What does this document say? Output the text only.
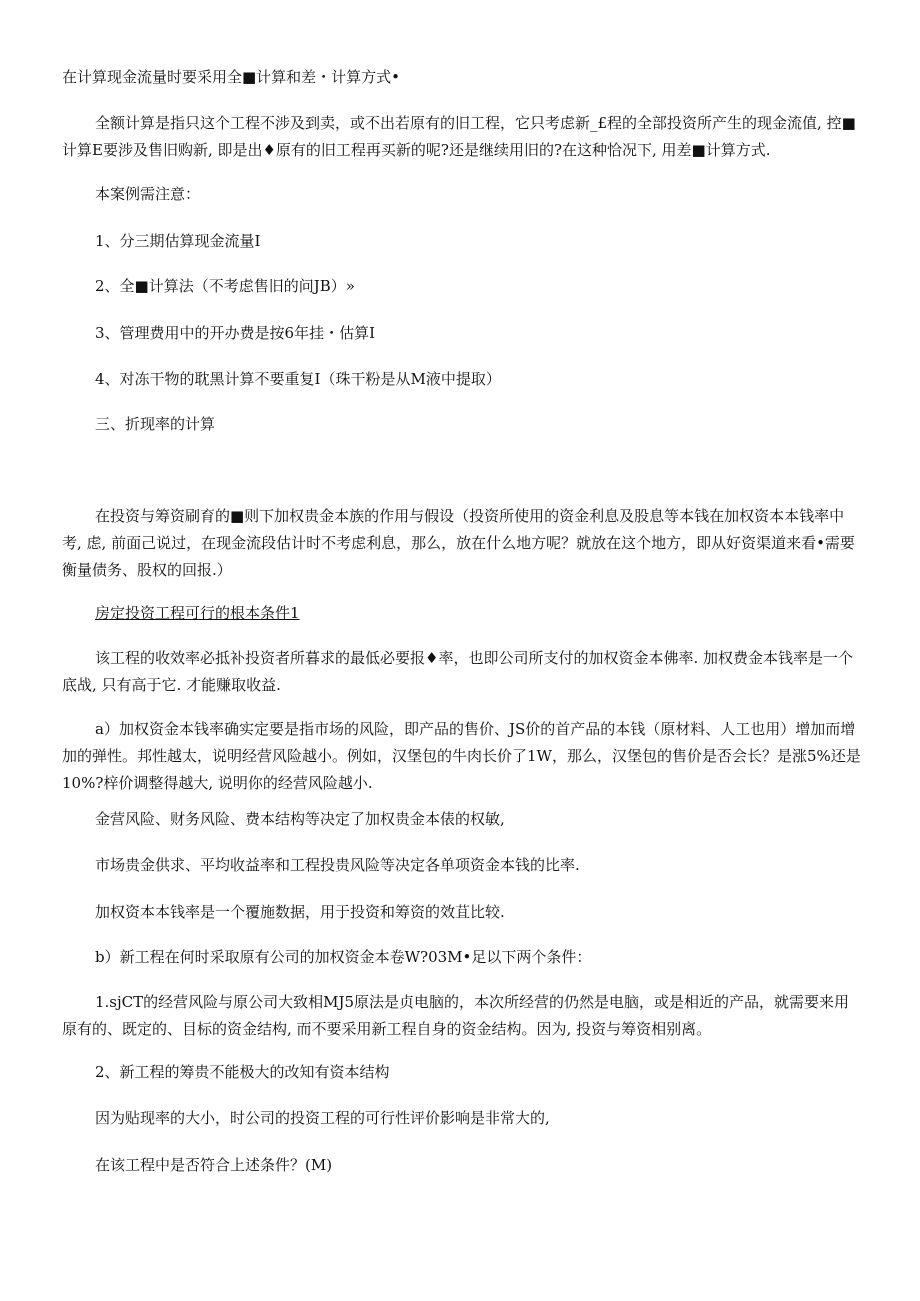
在计算现金流量时要采用全■计算和差・计算方式•

全额计算是指只这个工程不涉及到卖，或不出若原有的旧工程，它只考虑新_£程的全部投资所产生的现金流值, 控■计算E要涉及售旧购新, 即是出♦原有的旧工程再买新的呢?还是继续用旧的?在这种恰况下, 用差■计算方式.

本案例需注意：

1、分三期估算现金流量I

2、全■计算法（不考虑售旧的问JB）»

3、管理费用中的开办费是按6年挂・估算I

4、对冻干物的耽黑计算不要重复I（珠干粉是从M液中提取）

三、折现率的计算

在投资与筹资刷育的■则下加权贵金本族的作用与假设（投资所使用的资金利息及股息等本钱在加权资本本钱率中考, 虑, 前面己说过，在现金流段估计时不考虑利息，那么，放在什么地方呢？就放在这个地方，即从好资渠道来看•需要衡量债务、股权的回报.）

房定投资工程可行的根本条件1

该工程的收效率必抵补投资者所暮求的最低必要报♦率，也即公司所支付的加权资金本佛率. 加权费金本钱率是一个底战, 只有高于它. 才能赚取收益.

a）加权资金本钱率确实定要是指市场的风险，即产品的售价、JS价的首产品的本钱（原材料、人工也用）增加而增加的弹性。邦性越太，说明经营风险越小。例如，汉堡包的牛肉长价了1W，那么，汉堡包的售价是否会长？是涨5%还是10%?梓价调整得越大, 说明你的经营风险越小.

金营风险、财务风险、费本结构等决定了加权贵金本俵的权敏,

市场贵金供求、平均收益率和工程投贵风险等决定各单项资金本钱的比率.

加权资本本钱率是一个覆施数据，用于投资和筹资的效苴比较.

b）新工程在何时采取原有公司的加权资金本卷W?03M•足以下两个条件：

1.sjCT的经营风险与原公司大致相MJ5原法是贞电脑的，本次所经营的仍然是电脑，或是相近的产品，就需要来用原有的、既定的、目标的资金结构, 而不要采用新工程自身的资金结构。因为, 投资与筹资相别离。

2、新工程的筹贵不能极大的改知有资本结构

因为贴现率的大小，时公司的投资工程的可行性评价影响是非常大的,

在该工程中是否符合上述条件？(M)
